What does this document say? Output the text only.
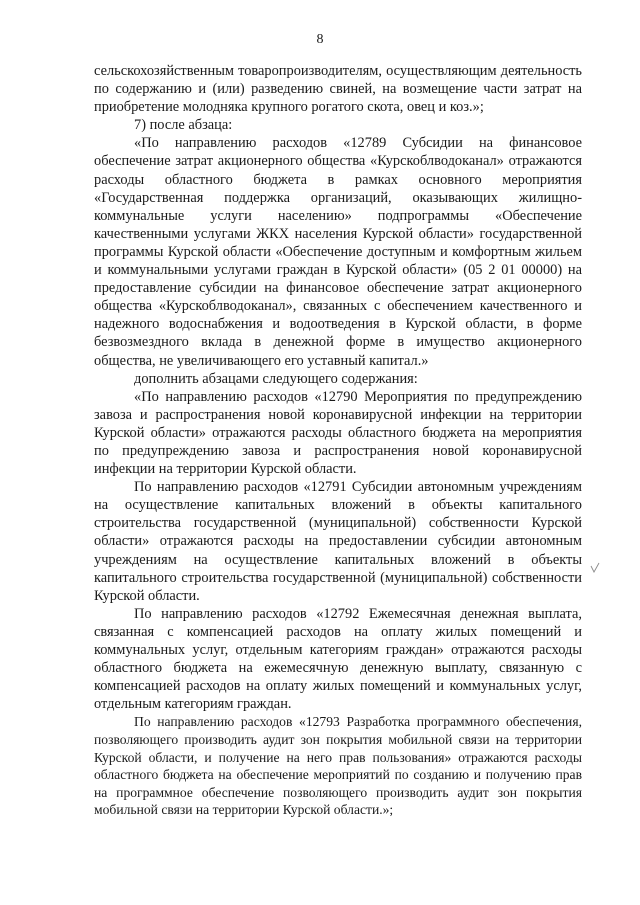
8

сельскохозяйственным товаропроизводителям, осуществляющим деятельность по содержанию и (или) разведению свиней, на возмещение части затрат на приобретение молодняка крупного рогатого скота, овец и коз.»;

7) после абзаца:

«По направлению расходов «12789 Субсидии на финансовое обеспечение затрат акционерного общества «Курскоблводоканал» отражаются расходы областного бюджета в рамках основного мероприятия «Государственная поддержка организаций, оказывающих жилищно-коммунальные услуги населению» подпрограммы «Обеспечение качественными услугами ЖКХ населения Курской области» государственной программы Курской области «Обеспечение доступным и комфортным жильем и коммунальными услугами граждан в Курской области» (05 2 01 00000) на предоставление субсидии на финансовое обеспечение затрат акционерного общества «Курскоблводоканал», связанных с обеспечением качественного и надежного водоснабжения и водоотведения в Курской области, в форме безвозмездного вклада в денежной форме в имущество акционерного общества, не увеличивающего его уставный капитал.»

дополнить абзацами следующего содержания:

«По направлению расходов «12790 Мероприятия по предупреждению завоза и распространения новой коронавирусной инфекции на территории Курской области» отражаются расходы областного бюджета на мероприятия по предупреждению завоза и распространения новой коронавирусной инфекции на территории Курской области.

По направлению расходов «12791 Субсидии автономным учреждениям на осуществление капитальных вложений в объекты капитального строительства государственной (муниципальной) собственности Курской области» отражаются расходы на предоставлении субсидии автономным учреждениям на осуществление капитальных вложений в объекты капитального строительства государственной (муниципальной) собственности Курской области.

По направлению расходов «12792 Ежемесячная денежная выплата, связанная с компенсацией расходов на оплату жилых помещений и коммунальных услуг, отдельным категориям граждан» отражаются расходы областного бюджета на ежемесячную денежную выплату, связанную с компенсацией расходов на оплату жилых помещений и коммунальных услуг, отдельным категориям граждан.

По направлению расходов «12793 Разработка программного обеспечения, позволяющего производить аудит зон покрытия мобильной связи на территории Курской области, и получение на него прав пользования» отражаются расходы областного бюджета на обеспечение мероприятий по созданию и получению прав на программное обеспечение позволяющего производить аудит зон покрытия мобильной связи на территории Курской области.»;
